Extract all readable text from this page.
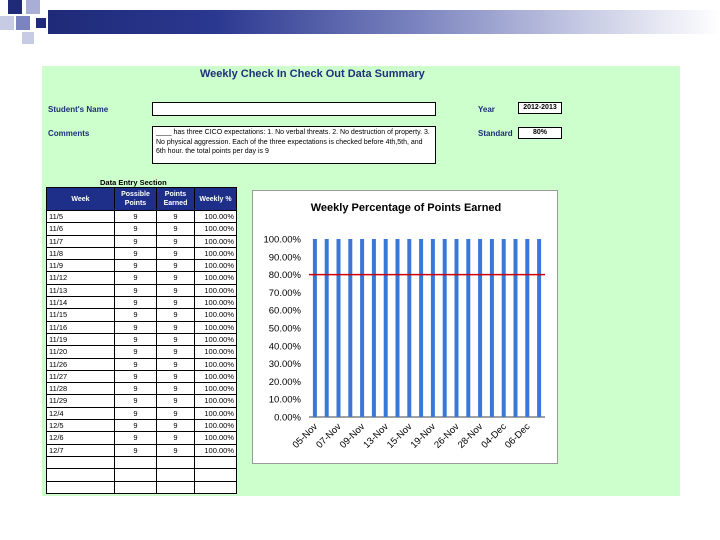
Weekly Check In Check Out Data Summary
Student's Name	Year	2012-2013
Comments	____ has three CICO expectations: 1. No verbal threats. 2. No destruction of property. 3. No physical aggression. Each of the three expectations is checked before 4th,5th, and 6th hour. the total points per day is 9
Standard	80%
Data Entry Section
Week	Possible Points	Points Earned	Weekly %
11/5	9	9	100.00%
11/6	9	9	100.00%
11/7	9	9	100.00%
11/8	9	9	100.00%
11/9	9	9	100.00%
11/12	9	9	100.00%
11/13	9	9	100.00%
11/14	9	9	100.00%
11/15	9	9	100.00%
11/16	9	9	100.00%
11/19	9	9	100.00%
11/20	9	9	100.00%
11/26	9	9	100.00%
11/27	9	9	100.00%
11/28	9	9	100.00%
11/29	9	9	100.00%
12/4	9	9	100.00%
12/5	9	9	100.00%
12/6	9	9	100.00%
12/7	9	9	100.00%

Weekly Percentage of Points Earned
100.00%
90.00%
80.00%
70.00%
60.00%
50.00%
40.00%
30.00%
20.00%
10.00%
0.00%
05-Nov
07-Nov
09-Nov
13-Nov
15-Nov
19-Nov
26-Nov
28-Nov
04-Dec
06-Dec
